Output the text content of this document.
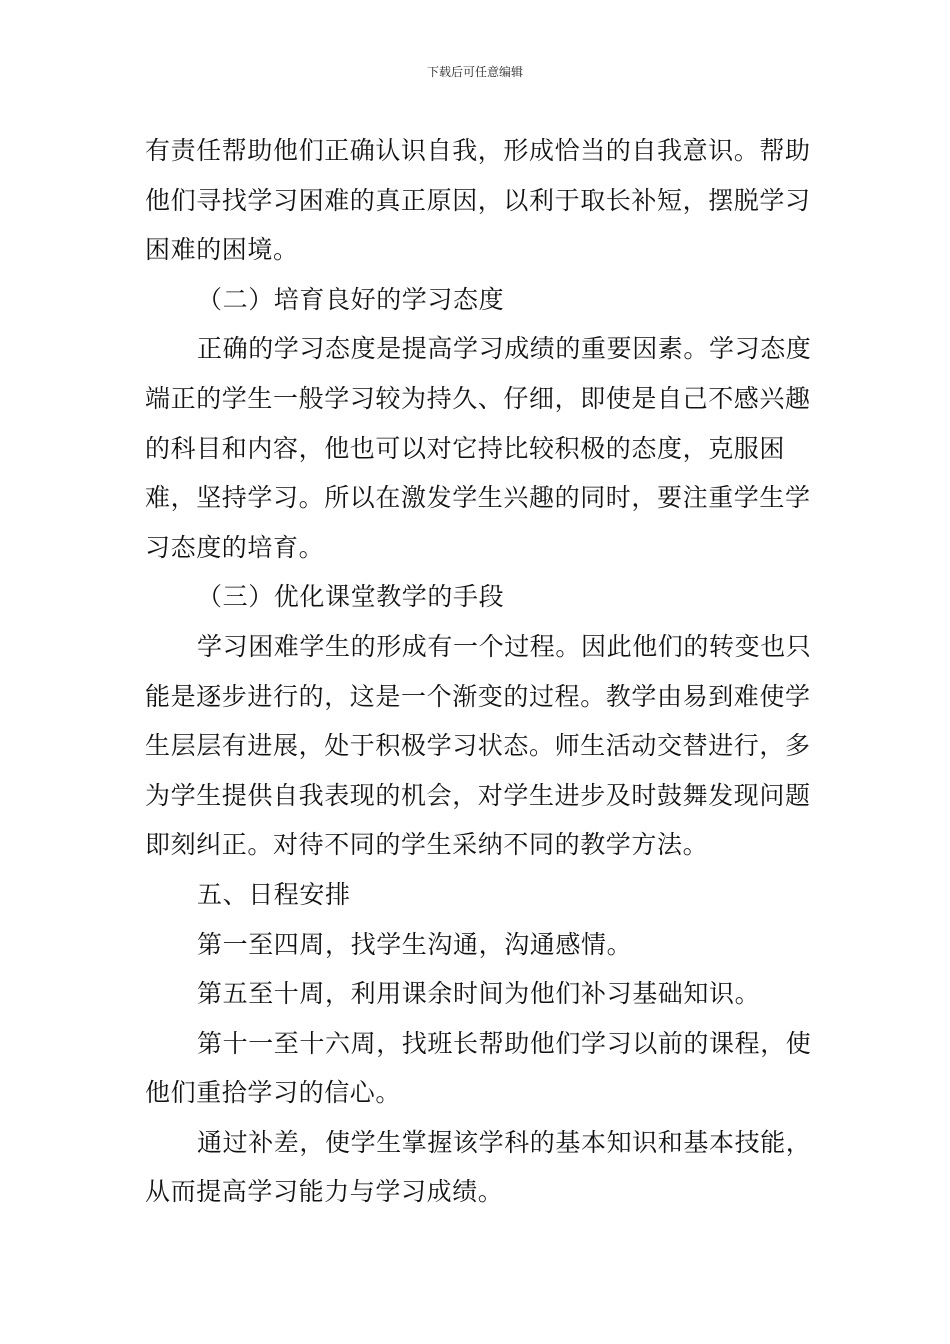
下载后可任意编辑

有责任帮助他们正确认识自我，形成恰当的自我意识。帮助他们寻找学习困难的真正原因，以利于取长补短，摆脱学习困难的困境。

（二）培育良好的学习态度

正确的学习态度是提高学习成绩的重要因素。学习态度端正的学生一般学习较为持久、仔细，即使是自己不感兴趣的科目和内容，他也可以对它持比较积极的态度，克服困难，坚持学习。所以在激发学生兴趣的同时，要注重学生学习态度的培育。

（三）优化课堂教学的手段

学习困难学生的形成有一个过程。因此他们的转变也只能是逐步进行的，这是一个渐变的过程。教学由易到难使学生层层有进展，处于积极学习状态。师生活动交替进行，多为学生提供自我表现的机会，对学生进步及时鼓舞发现问题即刻纠正。对待不同的学生采纳不同的教学方法。

五、日程安排

第一至四周，找学生沟通，沟通感情。

第五至十周，利用课余时间为他们补习基础知识。

第十一至十六周，找班长帮助他们学习以前的课程，使他们重拾学习的信心。

通过补差，使学生掌握该学科的基本知识和基本技能，从而提高学习能力与学习成绩。
